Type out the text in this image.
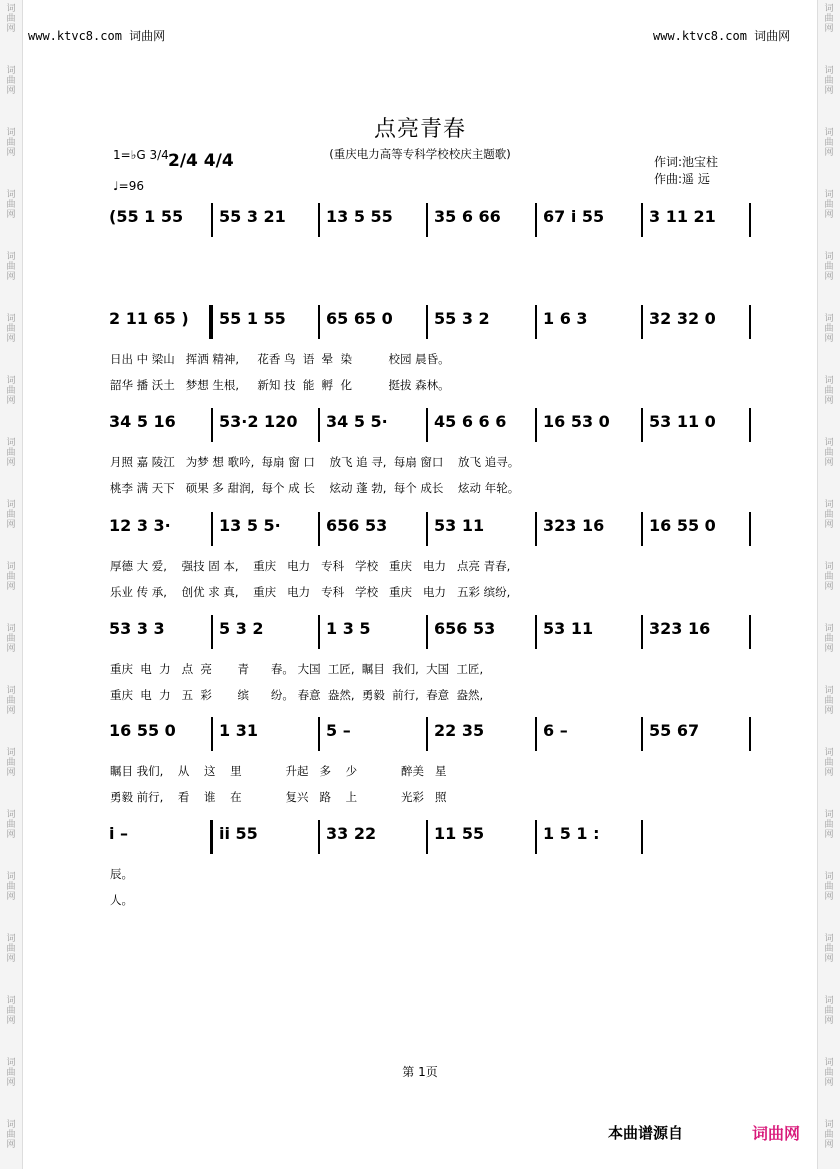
词曲网
词曲网
词曲网
词曲网
词曲网
词曲网
词曲网
词曲网
词曲网
词曲网
词曲网
词曲网
词曲网
词曲网
词曲网
词曲网
词曲网
词曲网
词曲网
词曲网
词曲网
词曲网
词曲网
词曲网
词曲网
词曲网
词曲网
词曲网
词曲网
词曲网
词曲网
词曲网
词曲网
词曲网
词曲网
词曲网
词曲网
词曲网
www.ktvc8.com 词曲网	www.ktvc8.com 词曲网
点亮青春
(重庆电力高等专科学校校庆主题歌)
作词:池宝柱
作曲:遥 远
1=♭G 3/4 2/4 4/4
♩=96
(55 1 55	55 3 21	13 5 55	35 6 66	67 i 55	3 11 21
2 11 65 )	55 1 55	65 65 0	55 3 2	1 6 3	32 32 0
日出 中 梁山   挥洒 精神,     花香 鸟  语  晕  染          校园 晨昏。
韶华 播 沃土   梦想 生根,     新知 技  能  孵  化          挺拔 森林。
34 5 16	53·2 120	34 5 5·	45 6 6 6	16 53 0	53 11 0
月照 嘉 陵江   为梦 想 歌吟,  每扇 窗 口    放飞 追 寻,  每扇 窗口    放飞 追寻。
桃李 满 天下   硕果 多 甜润,  每个 成 长    炫动 蓬 勃,  每个 成长    炫动 年轮。
12 3 3·	13 5 5·	656 53	53 11	323 16	16 55 0
厚德 大 爱,    强技 固 本,    重庆   电力   专科   学校   重庆   电力   点亮 青春,
乐业 传 承,    创优 求 真,    重庆   电力   专科   学校   重庆   电力   五彩 缤纷,
53 3 3	5 3 2	1 3 5	656 53	53 11	323 16
重庆  电  力   点  亮       青      春。 大国  工匠,  瞩目  我们,  大国  工匠,
重庆  电  力   五  彩       缤      纷。 春意  盎然,  勇毅  前行,  春意  盎然,
16 55 0	1 31	5 –	22 35	6 –	55 67
瞩目 我们,    从    这    里            升起   多    少            醉美   星
勇毅 前行,    看    谁    在            复兴   路    上            光彩   照
i –	ii 55	33 22	11 55	1 5 1 :
辰。
人。
第 1页
本曲谱源自	词曲网
